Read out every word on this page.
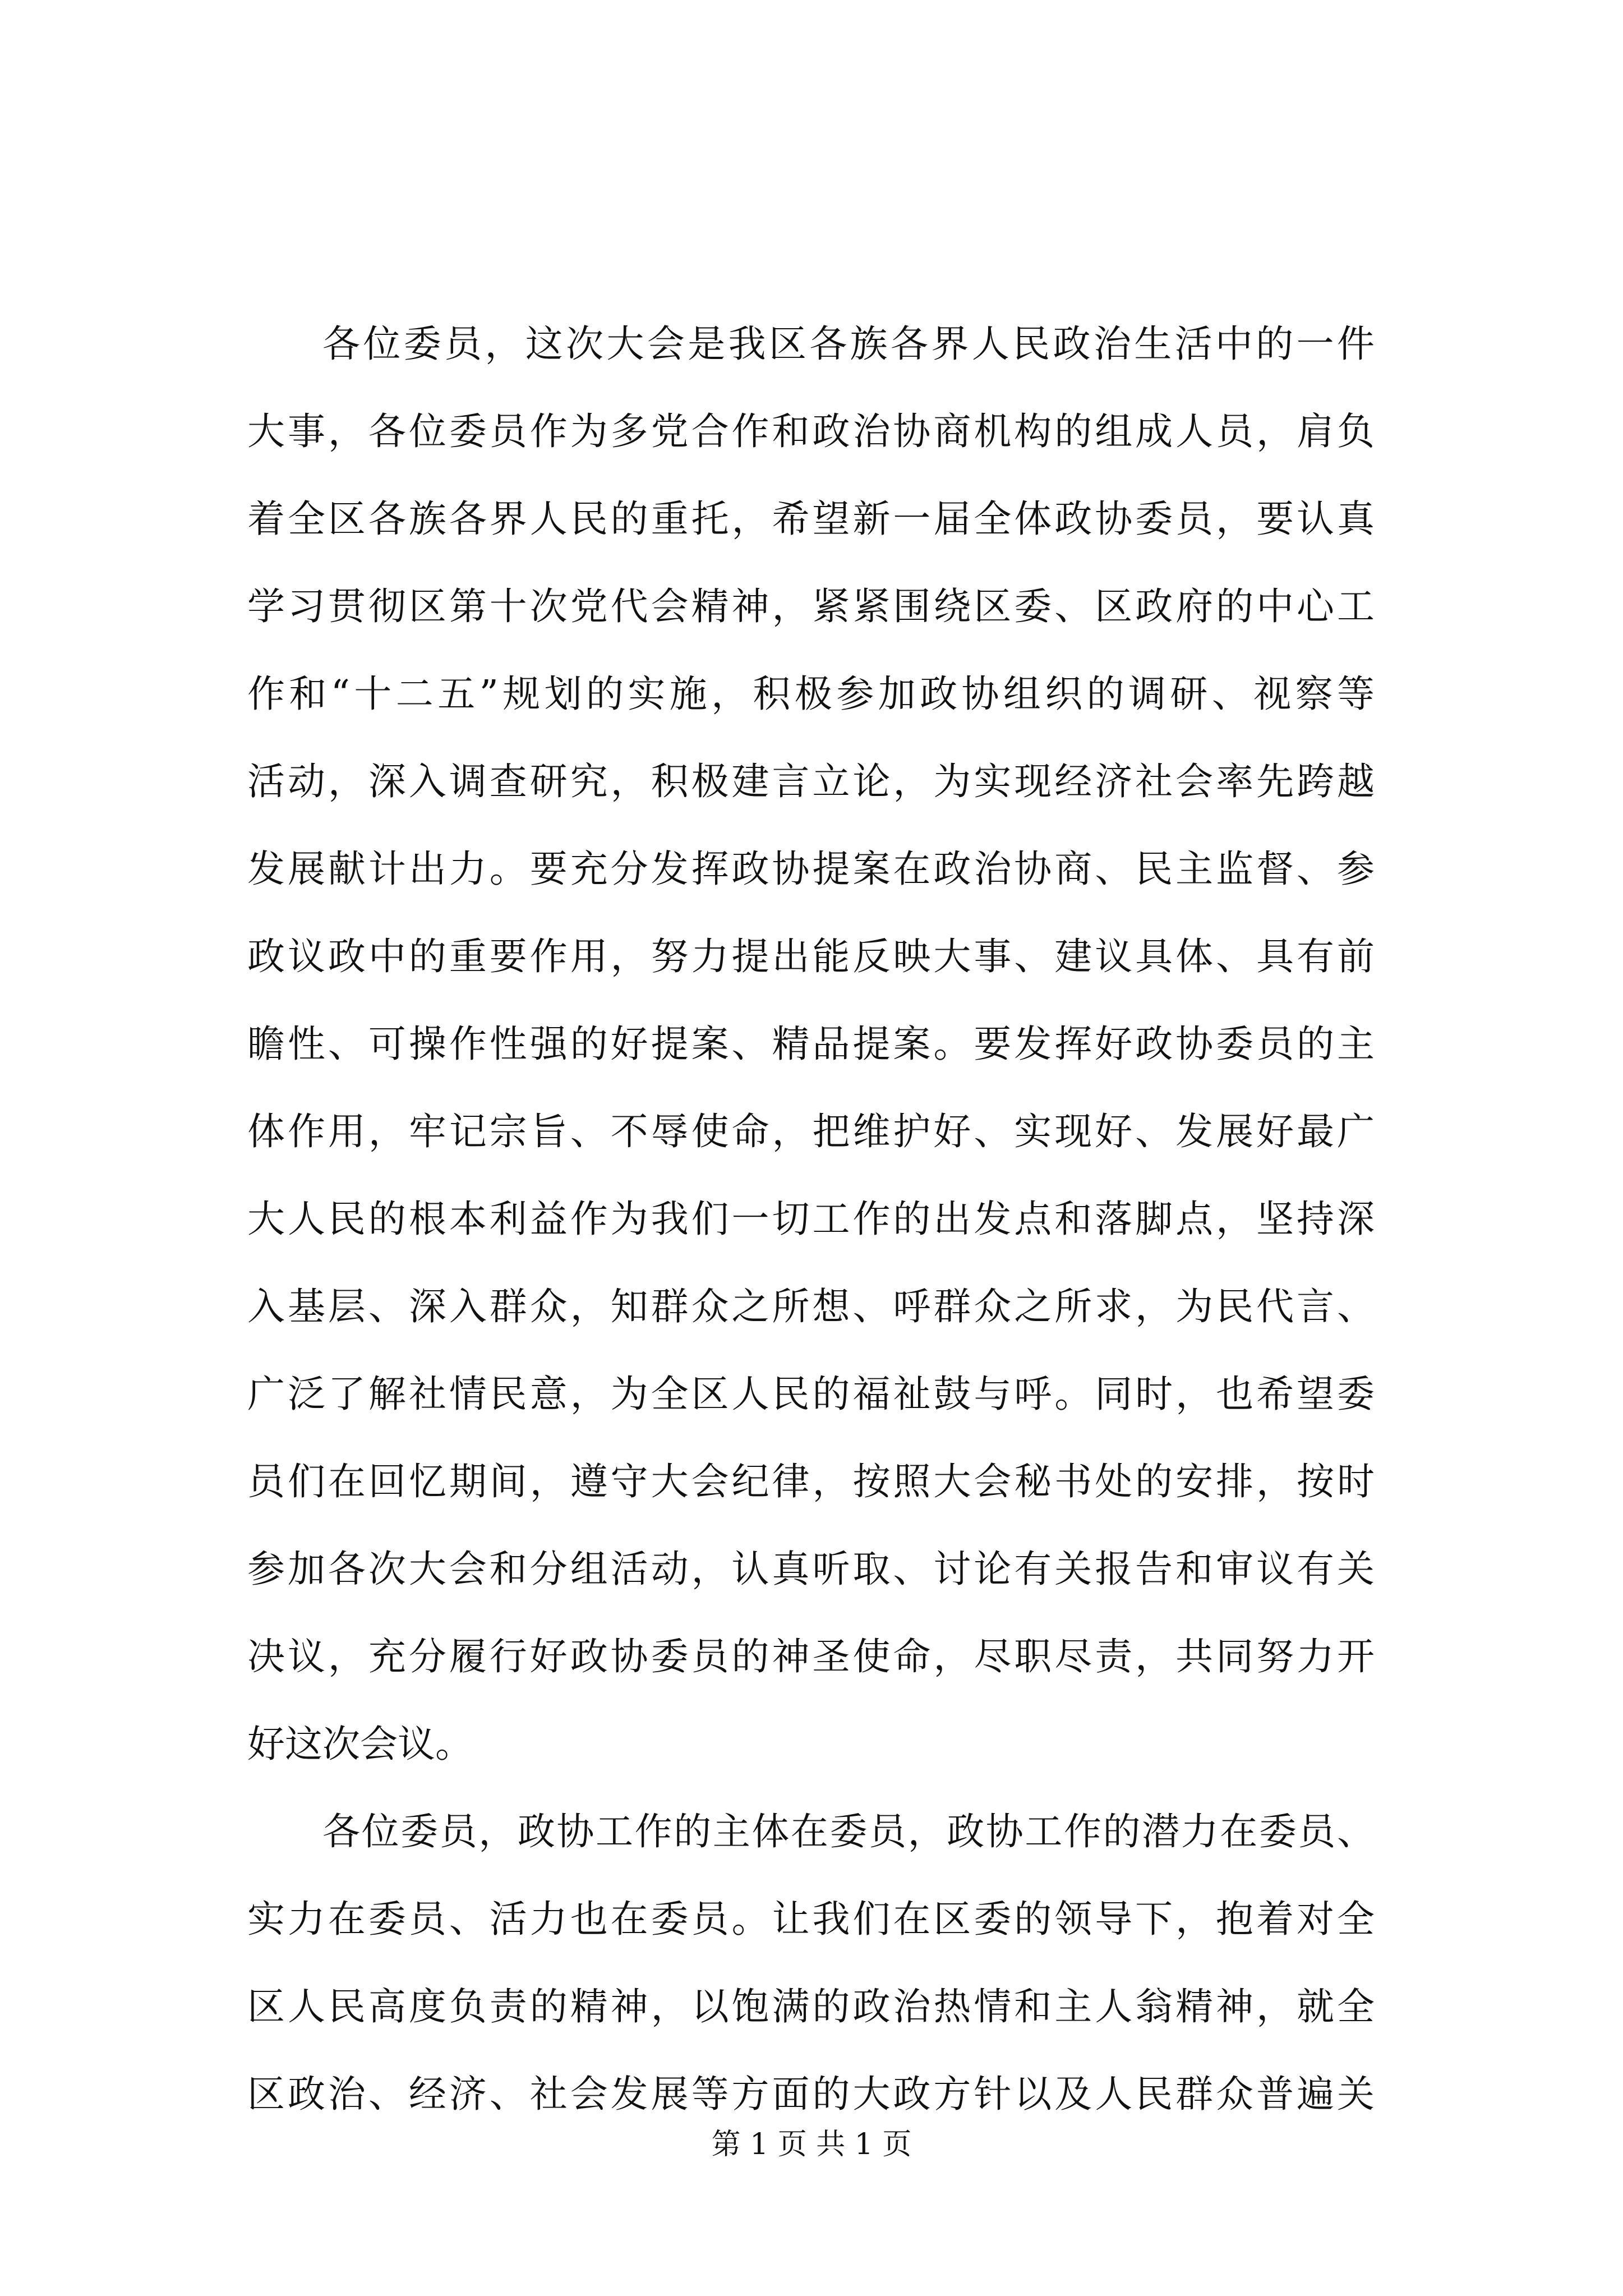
各位委员，这次大会是我区各族各界人民政治生活中的一件
大事，各位委员作为多党合作和政治协商机构的组成人员，肩负
着全区各族各界人民的重托，希望新一届全体政协委员，要认真
学习贯彻区第十次党代会精神，紧紧围绕区委、区政府的中心工
作和“十二五”规划的实施，积极参加政协组织的调研、视察等
活动，深入调查研究，积极建言立论，为实现经济社会率先跨越
发展献计出力。要充分发挥政协提案在政治协商、民主监督、参
政议政中的重要作用，努力提出能反映大事、建议具体、具有前
瞻性、可操作性强的好提案、精品提案。要发挥好政协委员的主
体作用，牢记宗旨、不辱使命，把维护好、实现好、发展好最广
大人民的根本利益作为我们一切工作的出发点和落脚点，坚持深
入基层、深入群众，知群众之所想、呼群众之所求，为民代言、
广泛了解社情民意，为全区人民的福祉鼓与呼。同时，也希望委
员们在回忆期间，遵守大会纪律，按照大会秘书处的安排，按时
参加各次大会和分组活动，认真听取、讨论有关报告和审议有关
决议，充分履行好政协委员的神圣使命，尽职尽责，共同努力开
好这次会议。
各位委员，政协工作的主体在委员，政协工作的潜力在委员、
实力在委员、活力也在委员。让我们在区委的领导下，抱着对全
区人民高度负责的精神，以饱满的政治热情和主人翁精神，就全
区政治、经济、社会发展等方面的大政方针以及人民群众普遍关
第 1 页 共 1 页
